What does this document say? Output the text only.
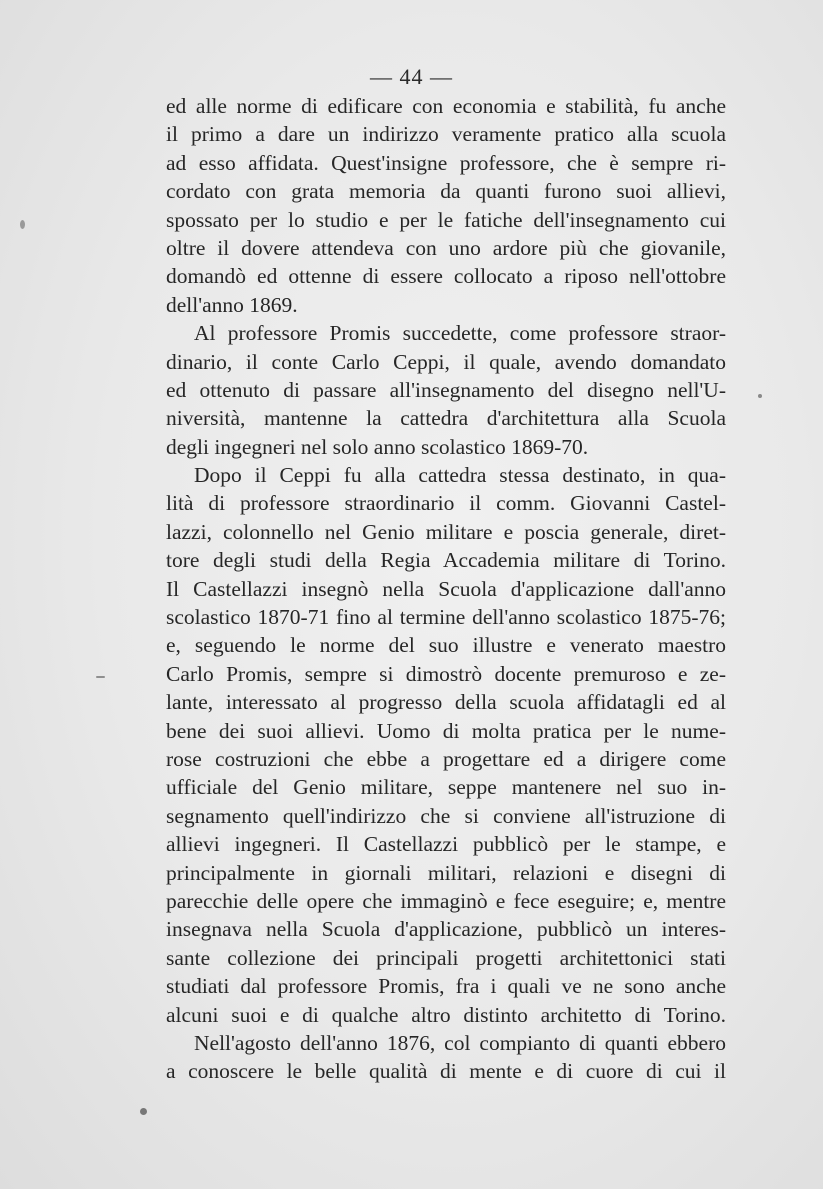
— 44 —
ed alle norme di edificare con economia e stabilità, fu anche
il primo a dare un indirizzo veramente pratico alla scuola
ad esso affidata. Quest'insigne professore, che è sempre ri-
cordato con grata memoria da quanti furono suoi allievi,
spossato per lo studio e per le fatiche dell'insegnamento cui
oltre il dovere attendeva con uno ardore più che giovanile,
domandò ed ottenne di essere collocato a riposo nell'ottobre
dell'anno 1869.
Al professore Promis succedette, come professore straor-
dinario, il conte Carlo Ceppi, il quale, avendo domandato
ed ottenuto di passare all'insegnamento del disegno nell'U-
niversità, mantenne la cattedra d'architettura alla Scuola
degli ingegneri nel solo anno scolastico 1869-70.
Dopo il Ceppi fu alla cattedra stessa destinato, in qua-
lità di professore straordinario il comm. Giovanni Castel-
lazzi, colonnello nel Genio militare e poscia generale, diret-
tore degli studi della Regia Accademia militare di Torino.
Il Castellazzi insegnò nella Scuola d'applicazione dall'anno
scolastico 1870-71 fino al termine dell'anno scolastico 1875-76;
e, seguendo le norme del suo illustre e venerato maestro
Carlo Promis, sempre si dimostrò docente premuroso e ze-
lante, interessato al progresso della scuola affidatagli ed al
bene dei suoi allievi. Uomo di molta pratica per le nume-
rose costruzioni che ebbe a progettare ed a dirigere come
ufficiale del Genio militare, seppe mantenere nel suo in-
segnamento quell'indirizzo che si conviene all'istruzione di
allievi ingegneri. Il Castellazzi pubblicò per le stampe, e
principalmente in giornali militari, relazioni e disegni di
parecchie delle opere che immaginò e fece eseguire; e, mentre
insegnava nella Scuola d'applicazione, pubblicò un interes-
sante collezione dei principali progetti architettonici stati
studiati dal professore Promis, fra i quali ve ne sono anche
alcuni suoi e di qualche altro distinto architetto di Torino.
Nell'agosto dell'anno 1876, col compianto di quanti ebbero
a conoscere le belle qualità di mente e di cuore di cui il
